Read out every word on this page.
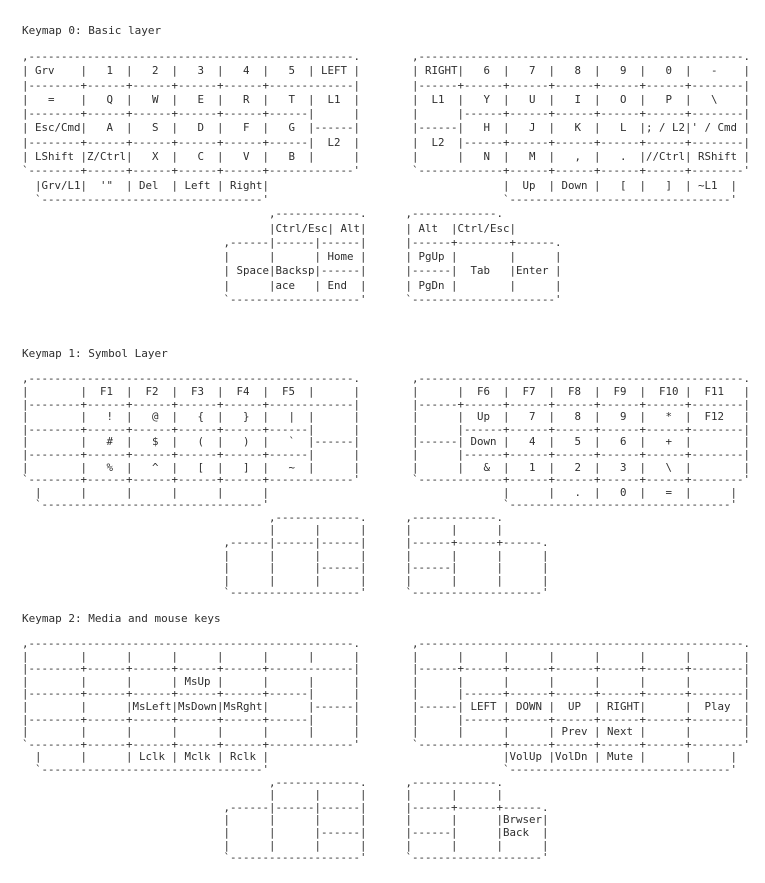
Keymap 0: Basic layer
,--------------------------------------------------.        ,--------------------------------------------------.
| Grv    |   1  |   2  |   3  |   4  |   5  | LEFT |        | RIGHT|   6  |   7  |   8  |   9  |   0  |   -    |
|--------+------+------+------+------+-------------|        |------+------+------+------+------+------+--------|
|   =    |   Q  |   W  |   E  |   R  |   T  |  L1  |        |  L1  |   Y  |   U  |   I  |   O  |   P  |   \    |
|--------+------+------+------+------+------|      |        |      |------+------+------+------+------+--------|
| Esc/Cmd|   A  |   S  |   D  |   F  |   G  |------|        |------|   H  |   J  |   K  |   L  |; / L2|' / Cmd |
|--------+------+------+------+------+------|  L2  |        |  L2  |------+------+------+------+------+--------|
| LShift |Z/Ctrl|   X  |   C  |   V  |   B  |      |        |      |   N  |   M  |   ,  |   .  |//Ctrl| RShift |
`--------+------+------+------+------+-------------'        `-------------+------+------+------+------+--------'
|Grv/L1|  '"  | Del  | Left | Right|                                    |  Up  | Down |   [  |   ]  | ~L1  |
`----------------------------------'                                    `----------------------------------'
,-------------.      ,-------------.
|Ctrl/Esc| Alt|      | Alt  |Ctrl/Esc|
,------|------|------|      |------+--------+------.
|      |      | Home |      | PgUp |        |      |
| Space|Backsp|------|      |------|  Tab   |Enter |
|      |ace   | End  |      | PgDn |        |      |
`--------------------'      `----------------------'
Keymap 1: Symbol Layer
,--------------------------------------------------.        ,--------------------------------------------------.
|        |  F1  |  F2  |  F3  |  F4  |  F5  |      |        |      |  F6  |  F7  |  F8  |  F9  |  F10 |  F11   |
|--------+------+------+------+------+-------------|        |------+------+------+------+------+------+--------|
|        |   !  |   @  |   {  |   }  |   |  |      |        |      |  Up  |   7  |   8  |   9  |   *  |  F12   |
|--------+------+------+------+------+------|      |        |      |------+------+------+------+------+--------|
|        |   #  |   $  |   (  |   )  |   `  |------|        |------| Down |   4  |   5  |   6  |   +  |        |
|--------+------+------+------+------+------|      |        |      |------+------+------+------+------+--------|
|        |   %  |   ^  |   [  |   ]  |   ~  |      |        |      |   &  |   1  |   2  |   3  |   \  |        |
`--------+------+------+------+------+-------------'        `-------------+------+------+------+------+--------'
|      |      |      |      |      |                                    |      |   .  |   0  |   =  |      |
`----------------------------------'                                    `----------------------------------'
,-------------.      ,-------------.
|      |      |      |      |      |
,------|------|------|      |------+------+------.
|      |      |      |      |      |      |      |
|      |      |------|      |------|      |      |
|      |      |      |      |      |      |      |
`--------------------'      `--------------------'
Keymap 2: Media and mouse keys
,--------------------------------------------------.        ,--------------------------------------------------.
|        |      |      |      |      |      |      |        |      |      |      |      |      |      |        |
|--------+------+------+------+------+-------------|        |------+------+------+------+------+------+--------|
|        |      |      | MsUp |      |      |      |        |      |      |      |      |      |      |        |
|--------+------+------+------+------+------|      |        |      |------+------+------+------+------+--------|
|        |      |MsLeft|MsDown|MsRght|      |------|        |------| LEFT | DOWN |  UP  | RIGHT|      |  Play  |
|--------+------+------+------+------+------|      |        |      |------+------+------+------+------+--------|
|        |      |      |      |      |      |      |        |      |      |      | Prev | Next |      |        |
`--------+------+------+------+------+-------------'        `-------------+------+------+------+------+--------'
|      |      | Lclk | Mclk | Rclk |                                    |VolUp |VolDn | Mute |      |      |
`----------------------------------'                                    `----------------------------------'
,-------------.      ,-------------.
|      |      |      |      |      |
,------|------|------|      |------+------+------.
|      |      |      |      |      |      |Brwser|
|      |      |------|      |------|      |Back  |
|      |      |      |      |      |      |      |
`--------------------'      `--------------------'
